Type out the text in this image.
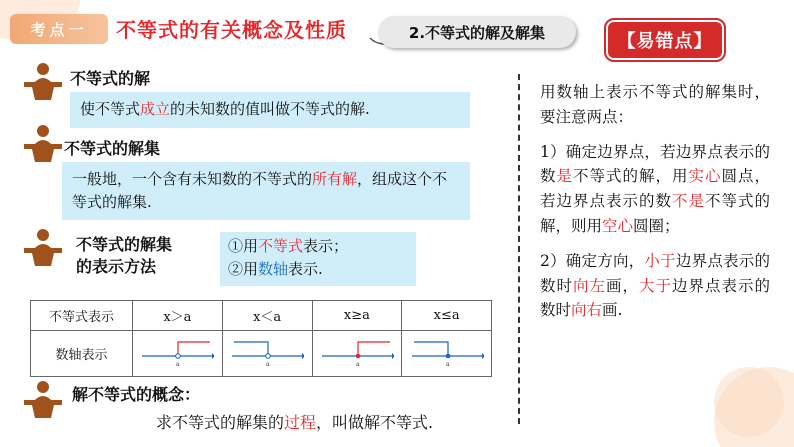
考点一	不等式的有关概念及性质	2.不等式的解及解集	【易错点】
不等式的解
使不等式成立的未知数的值叫做不等式的解.
不等式的解集
一般地，一个含有未知数的不等式的所有解，组成这个不等式的解集.
不等式的解集
的表示方法
①用不等式表示；
②用数轴表示.
不等式表示	x＞a	x＜a	x≥a	x≤a
数轴表示	a	a	a	a
解不等式的概念：
求不等式的解集的过程，叫做解不等式.

用数轴上表示不等式的解集时，要注意两点：

1）确定边界点，若边界点表示的数是不等式的解，用实心圆点，若边界点表示的数不是不等式的解，则用空心圆圈；

2）确定方向，小于边界点表示的数时向左画，大于边界点表示的数时向右画.
